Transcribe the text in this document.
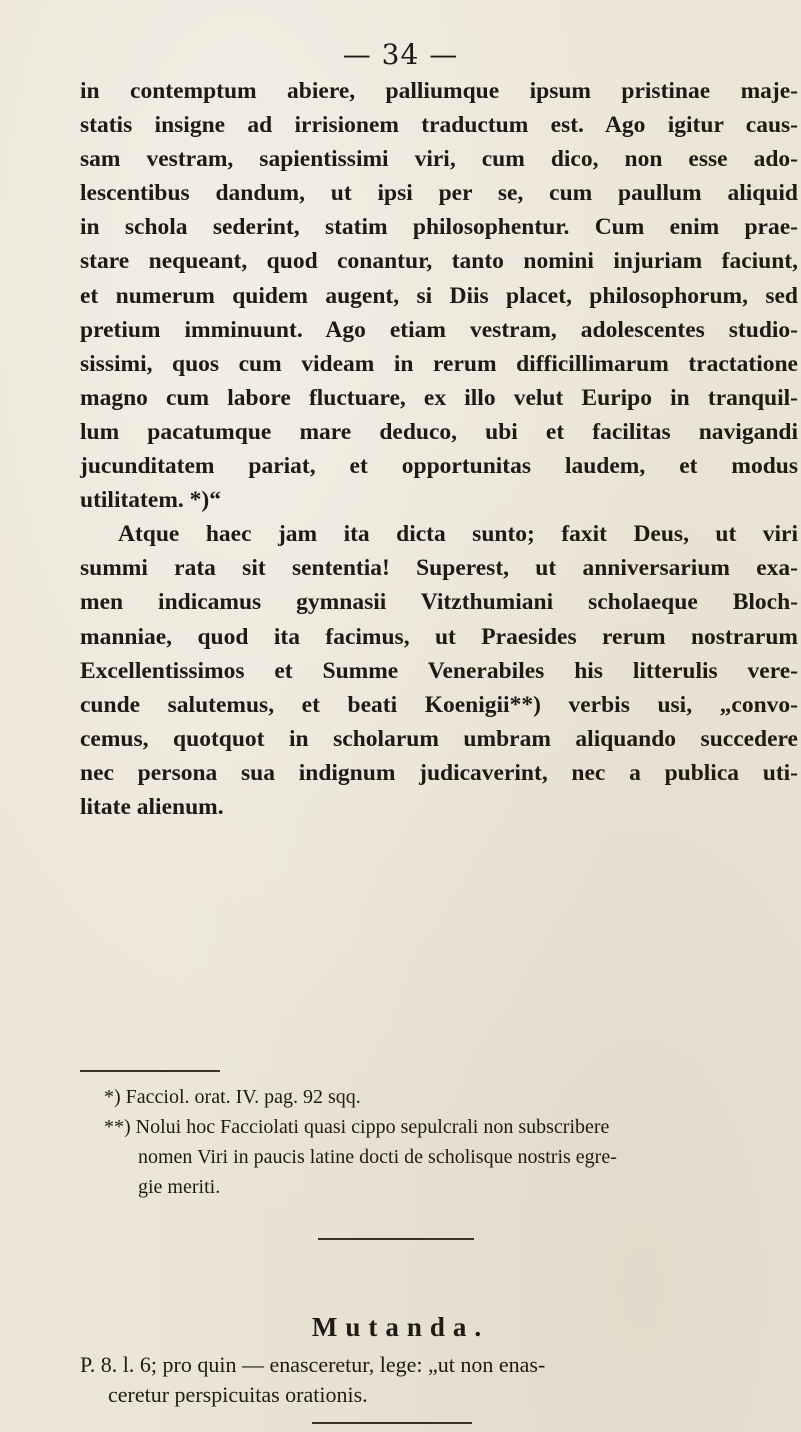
— 34 —
in contemptum abiere, palliumque ipsum pristinae maje-
statis insigne ad irrisionem traductum est. Ago igitur caus-
sam vestram, sapientissimi viri, cum dico, non esse ado-
lescentibus dandum, ut ipsi per se, cum paullum aliquid
in schola sederint, statim philosophentur. Cum enim prae-
stare nequeant, quod conantur, tanto nomini injuriam faciunt,
et numerum quidem augent, si Diis placet, philosophorum, sed
pretium imminuunt. Ago etiam vestram, adolescentes studio-
sissimi, quos cum videam in rerum difficillimarum tractatione
magno cum labore fluctuare, ex illo velut Euripo in tranquil-
lum pacatumque mare deduco, ubi et facilitas navigandi
jucunditatem pariat, et opportunitas laudem, et modus
utilitatem. *)“
Atque haec jam ita dicta sunto; faxit Deus, ut viri
summi rata sit sententia! Superest, ut anniversarium exa-
men indicamus gymnasii Vitzthumiani scholaeque Bloch-
manniae, quod ita facimus, ut Praesides rerum nostrarum
Excellentissimos et Summe Venerabiles his litterulis vere-
cunde salutemus, et beati Koenigii**) verbis usi, „convo-
cemus, quotquot in scholarum umbram aliquando succedere
nec persona sua indignum judicaverint, nec a publica uti-
litate alienum.
*) Facciol. orat. IV. pag. 92 sqq.
**) Nolui hoc Facciolati quasi cippo sepulcrali non subscribere
nomen Viri in paucis latine docti de scholisque nostris egre-
gie meriti.
Mutanda.
P. 8. l. 6; pro quin — enasceretur, lege: „ut non enas-
ceretur perspicuitas orationis.
